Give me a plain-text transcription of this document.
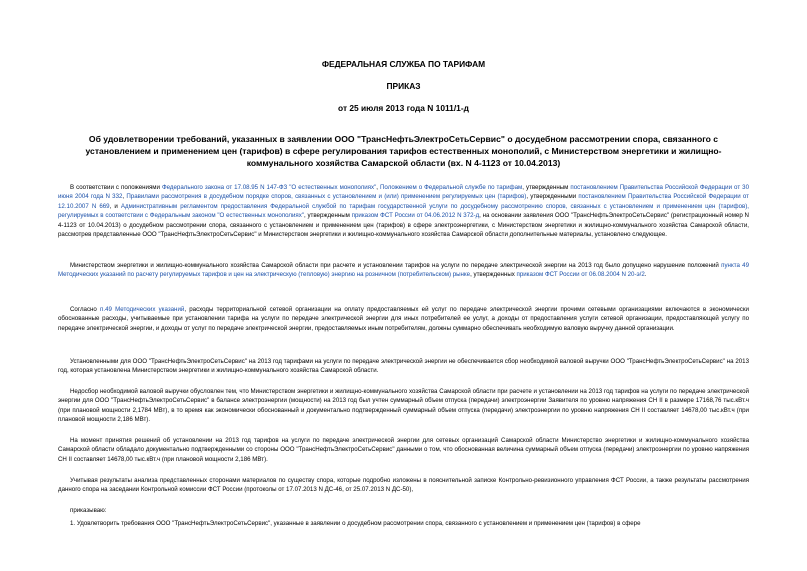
ФЕДЕРАЛЬНАЯ СЛУЖБА ПО ТАРИФАМ

ПРИКАЗ

от 25 июля 2013 года N 1011/1-д

Об удовлетворении требований, указанных в заявлении ООО "ТрансНефтьЭлектроСетьСервис" о досудебном рассмотрении спора, связанного с установлением и применением цен (тарифов) в сфере регулирования тарифов естественных монополий, с Министерством энергетики и жилищно-коммунального хозяйства Самарской области (вх. N 4-1123 от 10.04.2013)

В соответствии с положениями Федерального закона от 17.08.95 N 147-ФЗ "О естественных монополиях", Положением о Федеральной службе по тарифам, утвержденным постановлением Правительства Российской Федерации от 30 июня 2004 года N 332, Правилами рассмотрения в досудебном порядке споров, связанных с установлением и (или) применением регулируемых цен (тарифов), утвержденными постановлением Правительства Российской Федерации от 12.10.2007 N 669, и Административным регламентом предоставления Федеральной службой по тарифам государственной услуги по досудебному рассмотрению споров, связанных с установлением и применением цен (тарифов), регулируемых в соответствии с Федеральным законом "О естественных монополиях", утвержденным приказом ФСТ России от 04.06.2012 N 372-д, на основании заявления ООО "ТрансНефтьЭлектроСетьСервис" (регистрационный номер N 4-1123 от 10.04.2013) о досудебном рассмотрении спора, связанного с установлением и применением цен (тарифов) в сфере электроэнергетики, с Министерством энергетики и жилищно-коммунального хозяйства Самарской области, рассмотрев представленные ООО "ТрансНефтьЭлектроСетьСервис" и Министерством энергетики и жилищно-коммунального хозяйства Самарской области дополнительные материалы, установлено следующее.

Министерством энергетики и жилищно-коммунального хозяйства Самарской области при расчете и установлении тарифов на услуги по передаче электрической энергии на 2013 год было допущено нарушение положений пункта 49 Методических указаний по расчету регулируемых тарифов и цен на электрическую (тепловую) энергию на розничном (потребительском) рынке, утвержденных приказом ФСТ России от 06.08.2004 N 20-э/2.

Согласно п.49 Методических указаний, расходы территориальной сетевой организации на оплату предоставляемых ей услуг по передаче электрической энергии прочими сетевыми организациями включаются в экономически обоснованные расходы, учитываемые при установлении тарифа на услуги по передаче электрической энергии для иных потребителей ее услуг, а доходы от предоставления услуги сетевой организации, предоставляющей услугу по передаче электрической энергии, и доходы от услуг по передаче электрической энергии, предоставляемых иным потребителям, должны суммарно обеспечивать необходимую валовую выручку данной организации.

Установленными для ООО "ТрансНефтьЭлектроСетьСервис" на 2013 год тарифами на услуги по передаче электрической энергии не обеспечивается сбор необходимой валовой выручки ООО "ТрансНефтьЭлектроСетьСервис" на 2013 год, которая установлена Министерством энергетики и жилищно-коммунального хозяйства Самарской области.

Недосбор необходимой валовой выручки обусловлен тем, что Министерством энергетики и жилищно-коммунального хозяйства Самарской области при расчете и установлении на 2013 год тарифов на услуги по передаче электрической энергии для ООО "ТрансНефтьЭлектроСетьСервис" в балансе электроэнергии (мощности) на 2013 год был учтен суммарный объем отпуска (передачи) электроэнергии Заявителя по уровню напряжения СН II в размере 17168,76 тыс.кВт.ч (при плановой мощности 2,1784 МВт), в то время как экономически обоснованный и документально подтвержденный суммарный объем отпуска (передачи) электроэнергии по уровню напряжения СН II составляет 14678,00 тыс.кВт.ч (при плановой мощности 2,186 МВт).

На момент принятия решений об установлении на 2013 год тарифов на услуги по передаче электрической энергии для сетевых организаций Самарской области Министерство энергетики и жилищно-коммунального хозяйства Самарской области обладало документально подтвержденными со стороны ООО "ТрансНефтьЭлектроСетьСервис" данными о том, что обоснованная величина суммарный объем отпуска (передачи) электроэнергии по уровню напряжения СН II составляет 14678,00 тыс.кВт.ч (при плановой мощности 2,186 МВт).

Учитывая результаты анализа представленных сторонами материалов по существу спора, которые подробно изложены в пояснительной записке Контрольно-ревизионного управления ФСТ России, а также результаты рассмотрения данного спора на заседании Контрольной комиссии ФСТ России (протоколы от 17.07.2013 N ДС-46, от 25.07.2013 N ДС-50),

приказываю:

1. Удовлетворить требования ООО "ТрансНефтьЭлектроСетьСервис", указанные в заявлении о досудебном рассмотрении спора, связанного с установлением и применением цен (тарифов) в сфере
